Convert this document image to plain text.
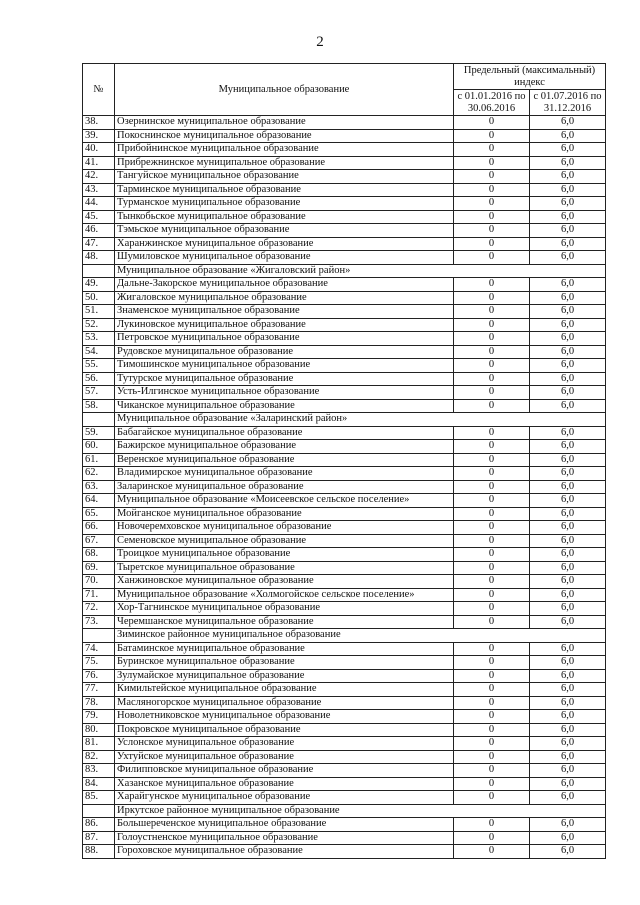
2
№	Муниципальное образование	Предельный (максимальный) индекс	
		с 01.01.2016 по 30.06.2016	с 01.07.2016 по 31.12.2016
38.	Озернинское муниципальное образование	0	6,0
39.	Покоснинское муниципальное образование	0	6,0
40.	Прибойнинское муниципальное образование	0	6,0
41.	Прибрежнинское муниципальное образование	0	6,0
42.	Тангуйское муниципальное образование	0	6,0
43.	Тарминское муниципальное образование	0	6,0
44.	Турманское муниципальное образование	0	6,0
45.	Тынкобьское муниципальное образование	0	6,0
46.	Тэмьское муниципальное образование	0	6,0
47.	Харанжинское муниципальное образование	0	6,0
48.	Шумиловское муниципальное образование	0	6,0
	Муниципальное образование «Жигаловский район»		
49.	Дальне-Закорское муниципальное образование	0	6,0
50.	Жигаловское муниципальное образование	0	6,0
51.	Знаменское муниципальное образование	0	6,0
52.	Лукиновское муниципальное образование	0	6,0
53.	Петровское муниципальное образование	0	6,0
54.	Рудовское муниципальное образование	0	6,0
55.	Тимошинское муниципальное образование	0	6,0
56.	Тутурское муниципальное образование	0	6,0
57.	Усть-Илгинское муниципальное образование	0	6,0
58.	Чиканское муниципальное образование	0	6,0
	Муниципальное образование «Заларинский район»		
59.	Бабагайское муниципальное образование	0	6,0
60.	Бажирское муниципальное образование	0	6,0
61.	Веренское муниципальное образование	0	6,0
62.	Владимирское муниципальное образование	0	6,0
63.	Заларинское муниципальное образование	0	6,0
64.	Муниципальное образование «Моисеевское сельское поселение»	0	6,0
65.	Мойганское муниципальное образование	0	6,0
66.	Новочеремховское муниципальное образование	0	6,0
67.	Семеновское муниципальное образование	0	6,0
68.	Троицкое муниципальное образование	0	6,0
69.	Тыретское муниципальное образование	0	6,0
70.	Ханжиновское муниципальное образование	0	6,0
71.	Муниципальное образование «Холмогойское сельское поселение»	0	6,0
72.	Хор-Тагнинское муниципальное образование	0	6,0
73.	Черемшанское муниципальное образование	0	6,0
	Зиминское районное муниципальное образование		
74.	Батаминское муниципальное образование	0	6,0
75.	Буринское муниципальное образование	0	6,0
76.	Зулумайское муниципальное образование	0	6,0
77.	Кимильтейское муниципальное образование	0	6,0
78.	Масляногорское муниципальное образование	0	6,0
79.	Новолетниковское муниципальное образование	0	6,0
80.	Покровское муниципальное образование	0	6,0
81.	Услонское муниципальное образование	0	6,0
82.	Ухтуйское муниципальное образование	0	6,0
83.	Филипповское муниципальное образование	0	6,0
84.	Хазанское муниципальное образование	0	6,0
85.	Харайгунское муниципальное образование	0	6,0
	Иркутское районное муниципальное образование		
86.	Большереченское муниципальное образование	0	6,0
87.	Голоустненское муниципальное образование	0	6,0
88.	Гороховское муниципальное образование	0	6,0
